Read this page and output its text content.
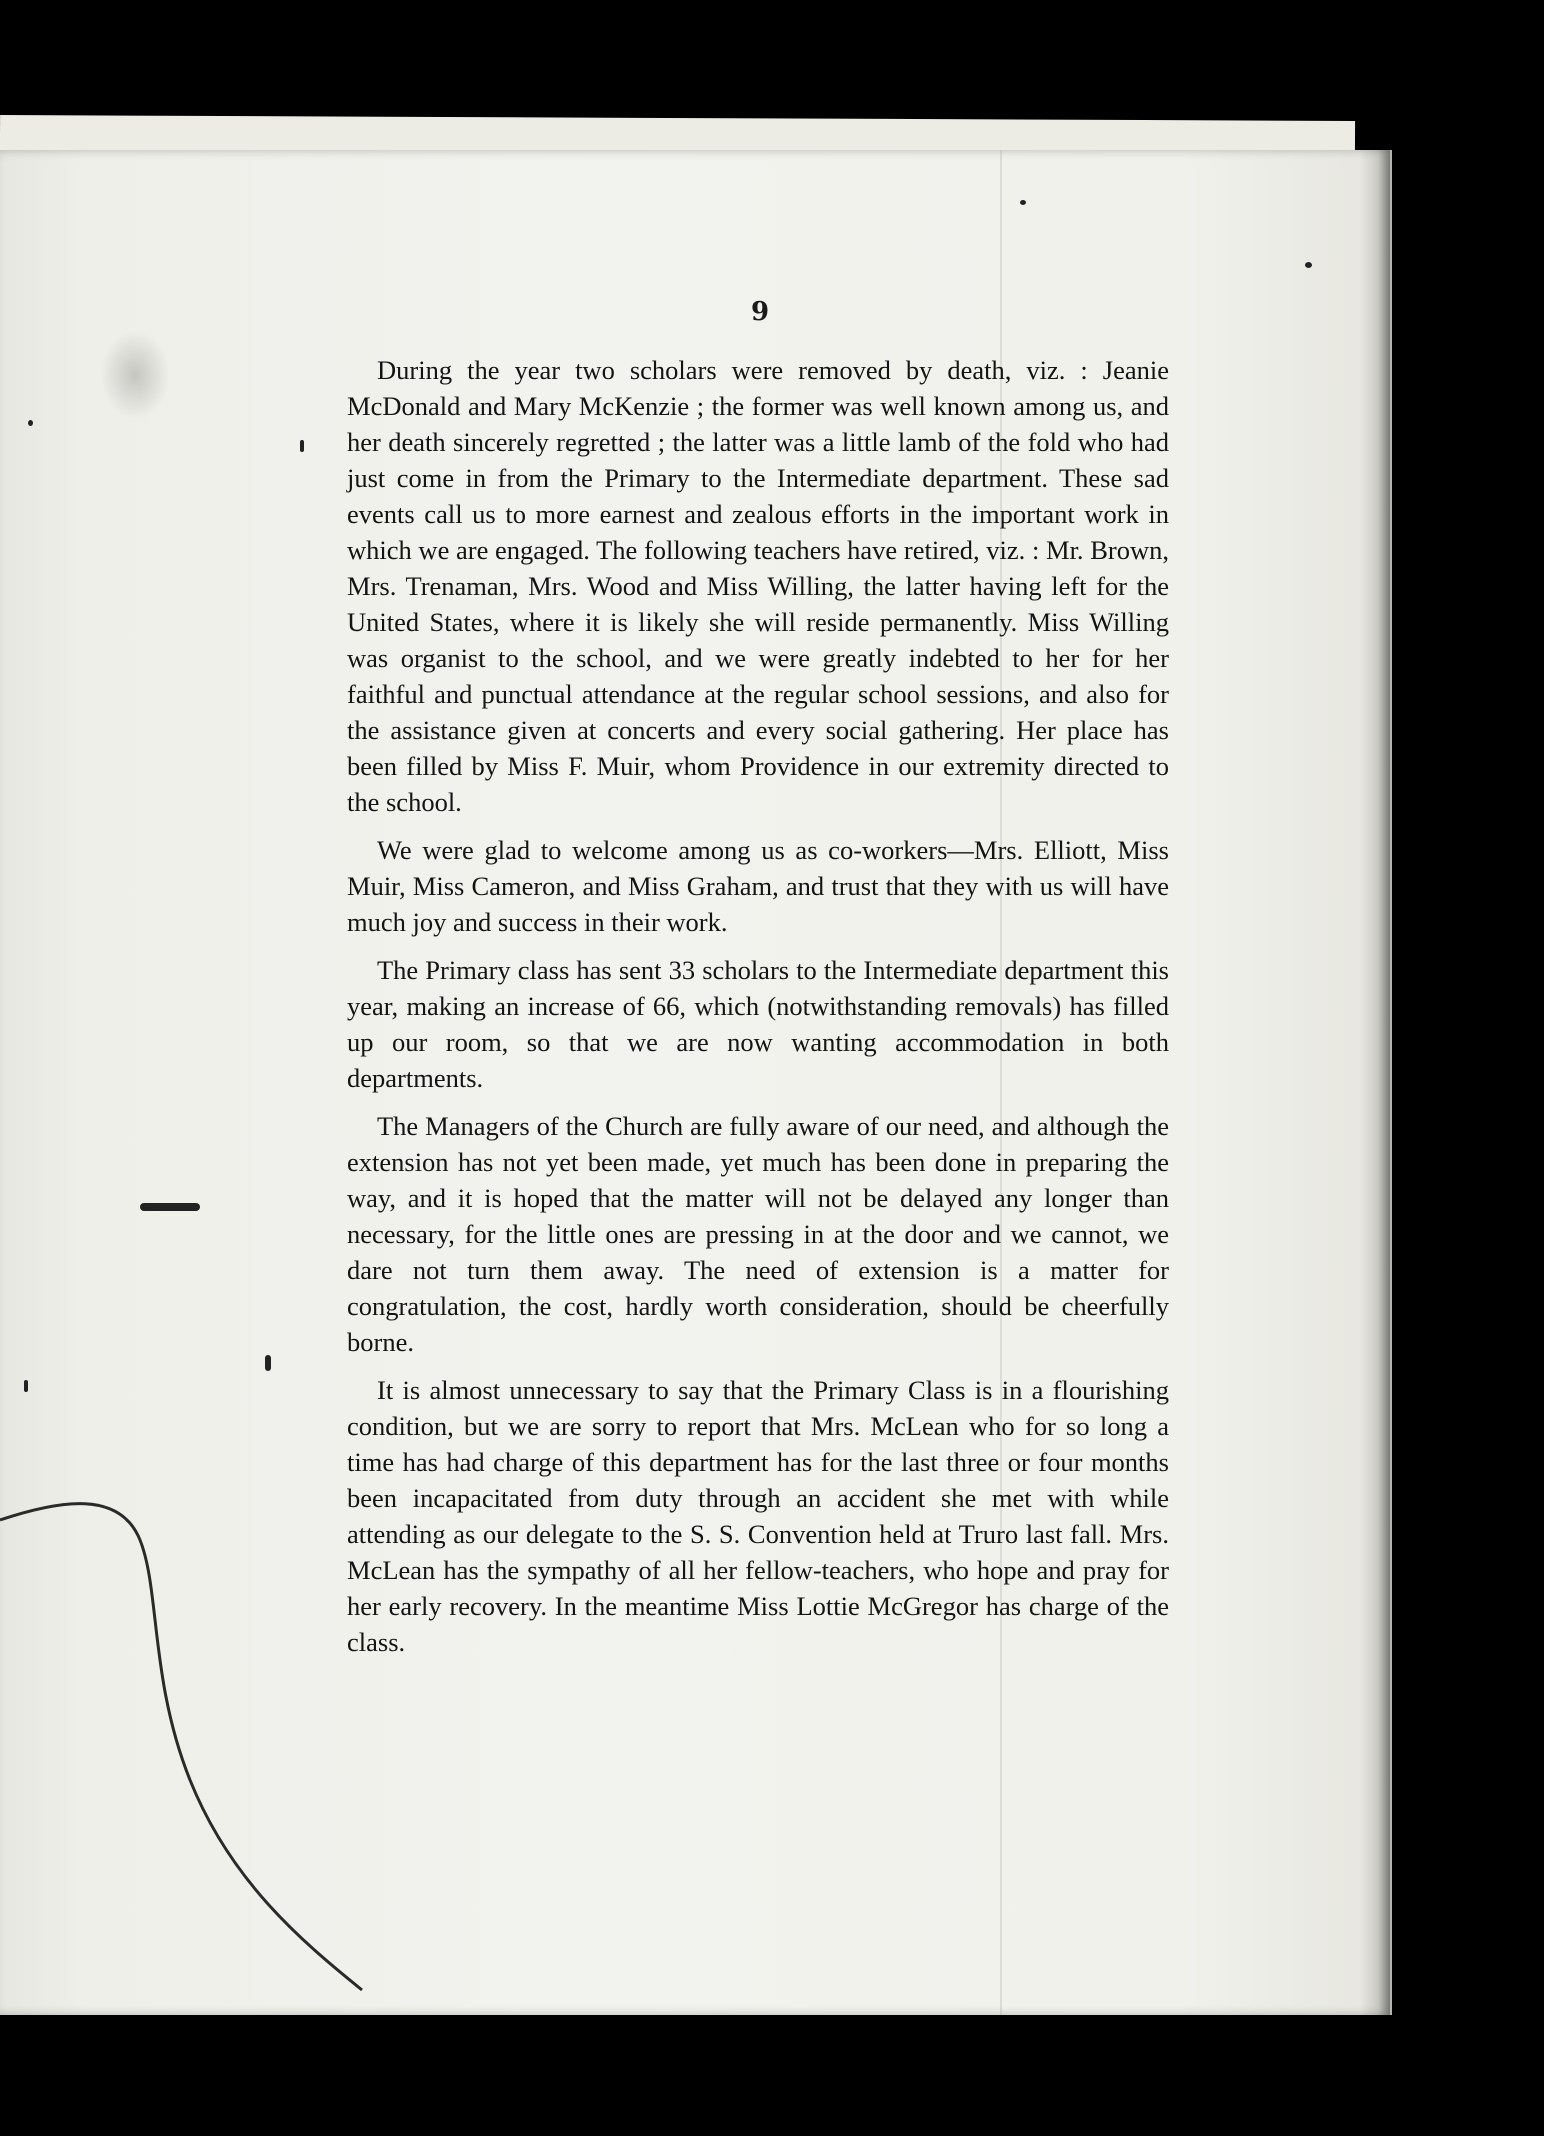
9

During the year two scholars were removed by death, viz. : Jeanie McDonald and Mary McKenzie ; the former was well known among us, and her death sincerely regretted ; the latter was a little lamb of the fold who had just come in from the Primary to the Intermediate department. These sad events call us to more earnest and zealous efforts in the important work in which we are engaged. The following teachers have retired, viz. : Mr. Brown, Mrs. Trenaman, Mrs. Wood and Miss Willing, the latter having left for the United States, where it is likely she will reside permanently. Miss Willing was organist to the school, and we were greatly indebted to her for her faithful and punctual attendance at the regular school sessions, and also for the assistance given at concerts and every social gathering. Her place has been filled by Miss F. Muir, whom Providence in our extremity directed to the school.

We were glad to welcome among us as co-workers—Mrs. Elliott, Miss Muir, Miss Cameron, and Miss Graham, and trust that they with us will have much joy and success in their work.

The Primary class has sent 33 scholars to the Intermediate department this year, making an increase of 66, which (notwithstanding removals) has filled up our room, so that we are now wanting accommodation in both departments.

The Managers of the Church are fully aware of our need, and although the extension has not yet been made, yet much has been done in preparing the way, and it is hoped that the matter will not be delayed any longer than necessary, for the little ones are pressing in at the door and we cannot, we dare not turn them away. The need of extension is a matter for congratulation, the cost, hardly worth consideration, should be cheerfully borne.

It is almost unnecessary to say that the Primary Class is in a flourishing condition, but we are sorry to report that Mrs. McLean who for so long a time has had charge of this department has for the last three or four months been incapacitated from duty through an accident she met with while attending as our delegate to the S. S. Convention held at Truro last fall. Mrs. McLean has the sympathy of all her fellow-teachers, who hope and pray for her early recovery. In the meantime Miss Lottie McGregor has charge of the class.
